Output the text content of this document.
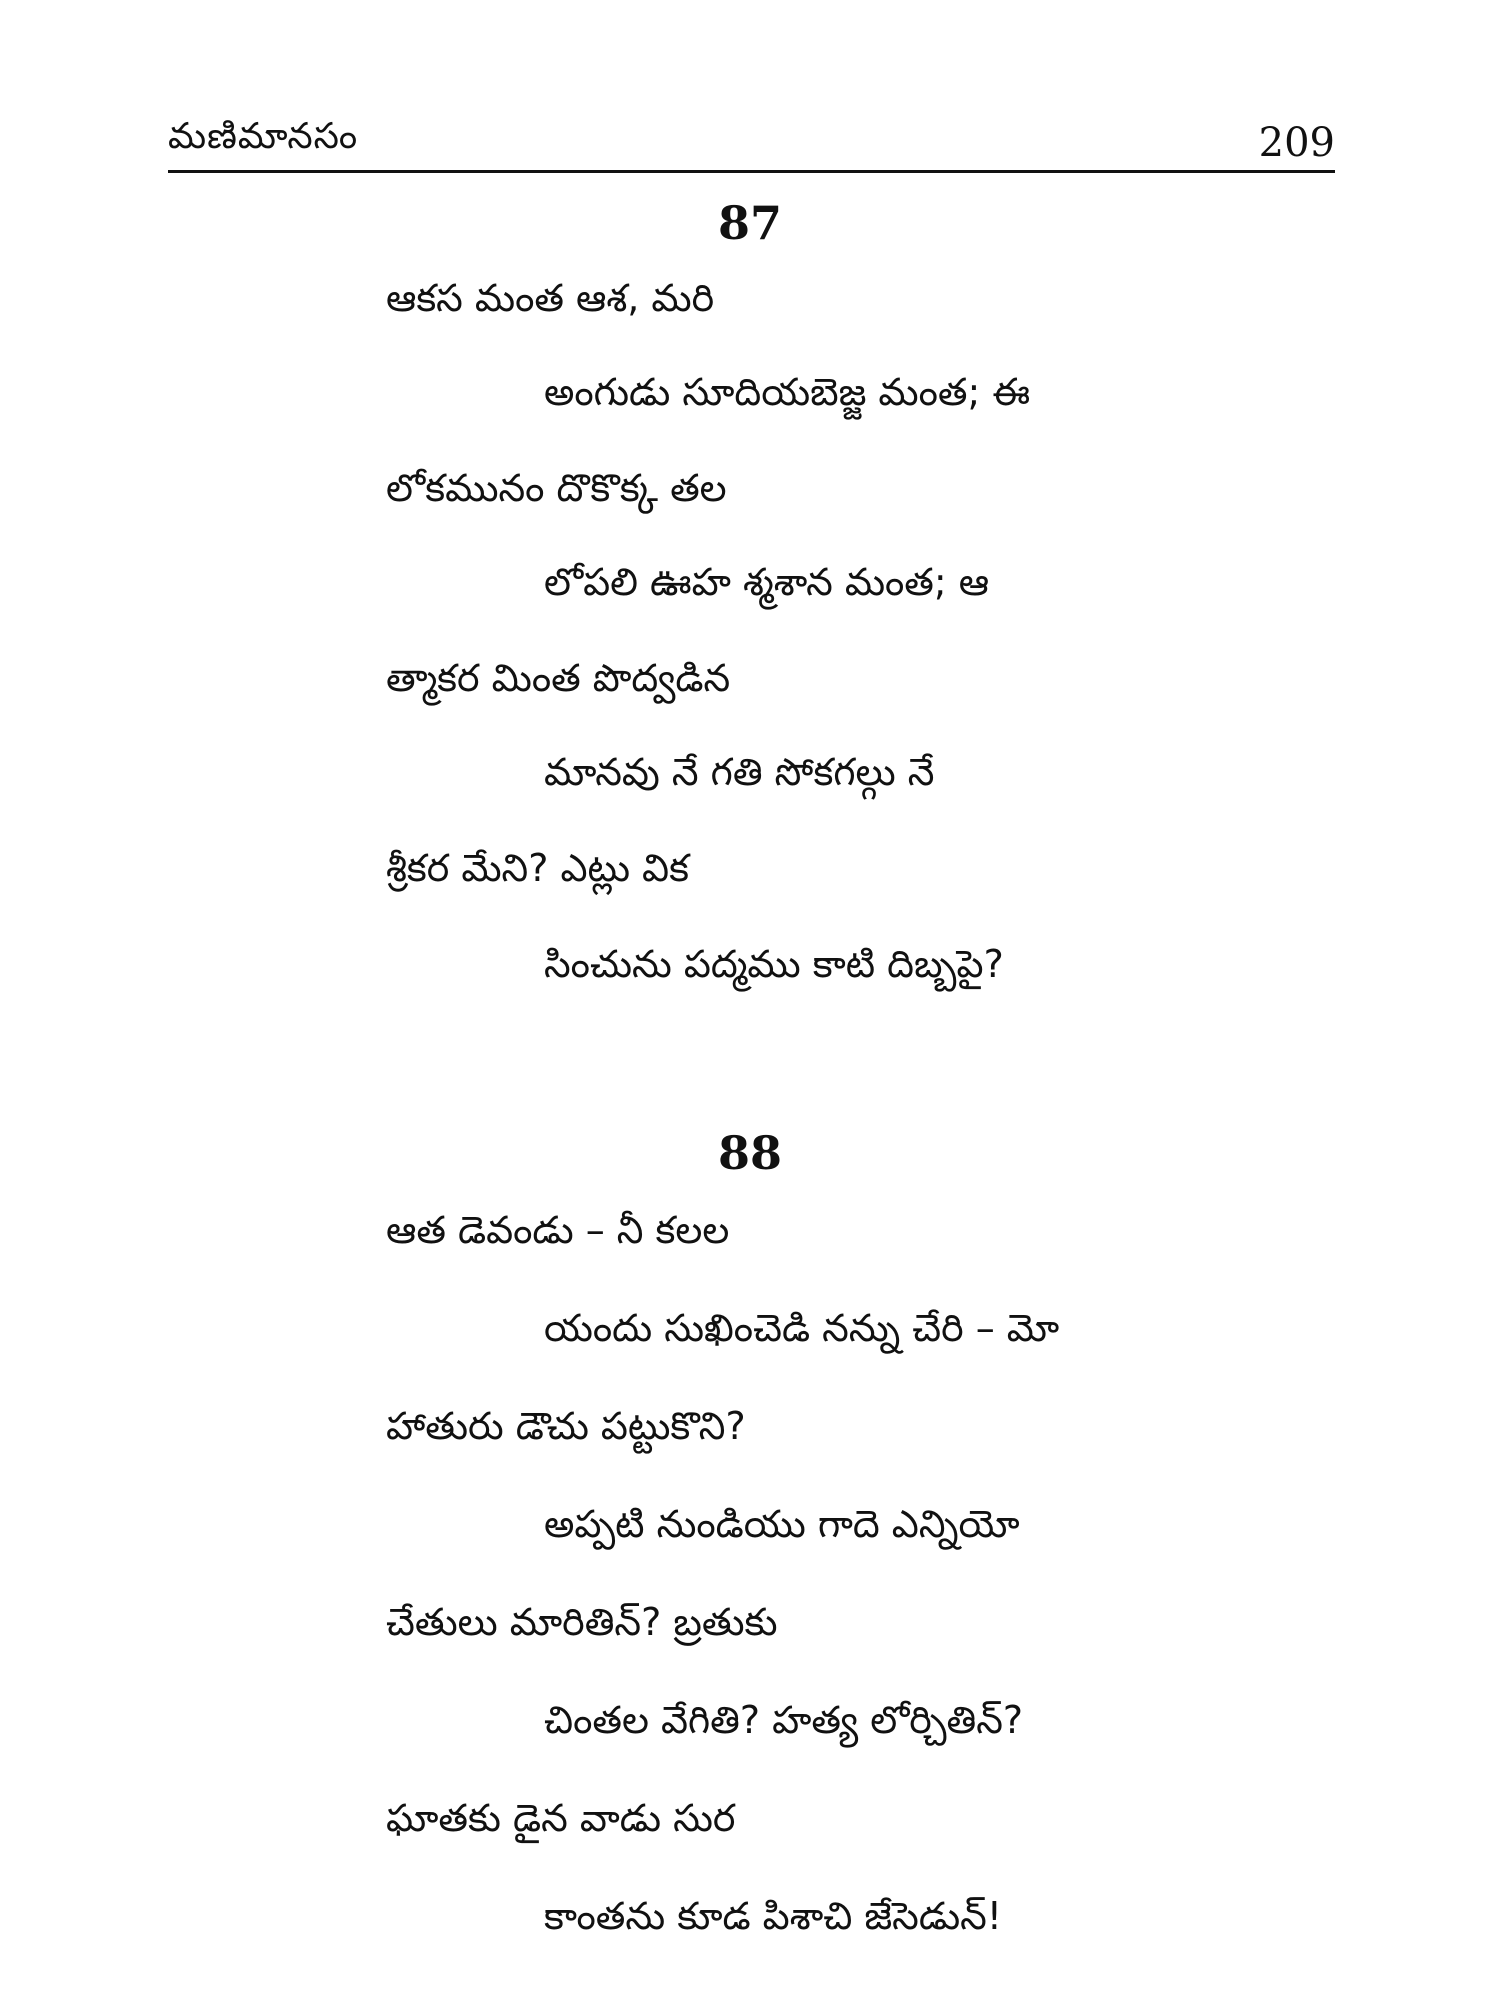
మణిమానసం	209
87
ఆకస మంత ఆశ, మరి
అంగుడు సూదియబెజ్జ మంత; ఈ
లోకమునం దొకొక్క తల
లోపలి ఊహ శ్మశాన మంత; ఆ
త్మాకర మింత పొద్వడిన
మానవు నే గతి సోకగల్గు నే
శ్రీకర మేని? ఎట్లు విక
సించును పద్మము కాటి దిబ్బపై?
88
ఆత డెవండు – నీ కలల
యందు సుఖించెడి నన్ను చేరి – మో
హాతురు డౌచు పట్టుకొని?
అప్పటి నుండియు గాదె ఎన్నియో
చేతులు మారితిన్? బ్రతుకు
చింతల వేగితి? హత్య లోర్చితిన్?
ఘాతకు డైన వాడు సుర
కాంతను కూడ పిశాచి జేసెడున్!
